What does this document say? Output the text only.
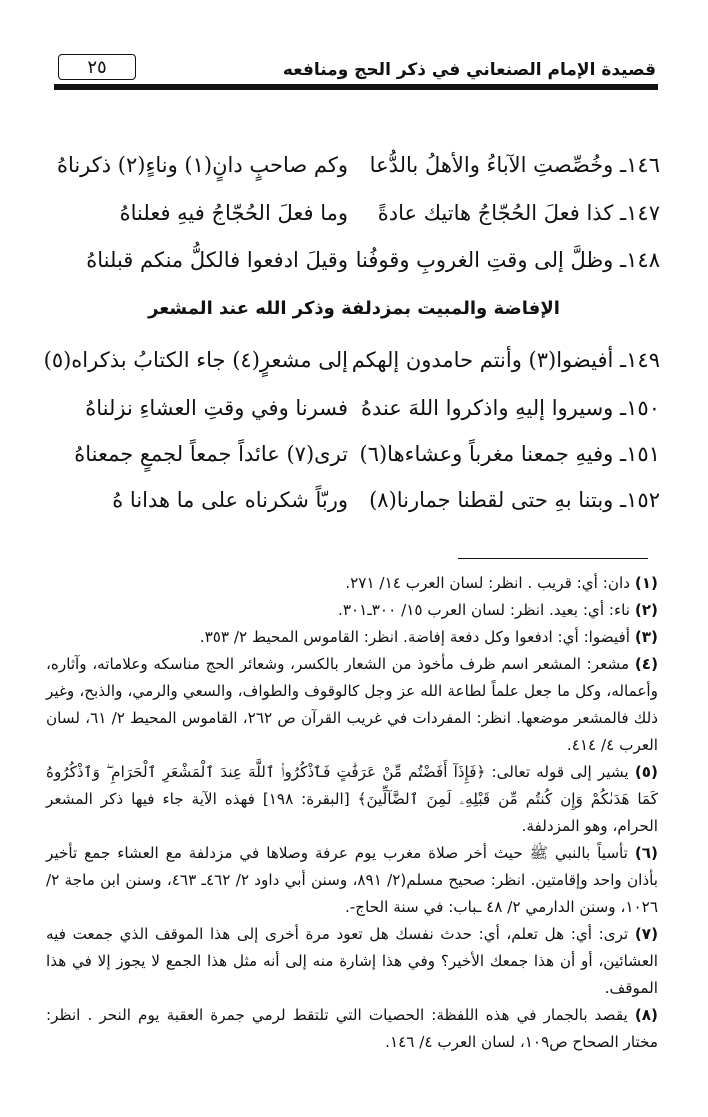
٢٥	قصيدة الإمام الصنعاني في ذكر الحج ومنافعه
١٤٦ـ وخُصِّصتِ الآباءُ والأهلُ بالدُّعا
وكم صاحبٍ دانٍ(١) وناءٍ(٢) ذكرناهُ
١٤٧ـ كذا فعلَ الحُجّاجُ هاتيك عادةً
وما فعلَ الحُجّاجُ فيهِ فعلناهُ
١٤٨ـ وظلَّ إلى وقتِ الغروبِ وقوفُنا
وقيلَ ادفعوا فالكلُّ منكم قبلناهُ
الإفاضة والمبيت بمزدلفة وذكر الله عند المشعر
١٤٩ـ أفيضوا(٣) وأنتم حامدون إلهكم
إلى مشعرٍ(٤) جاء الكتابُ بذكراه(٥)
١٥٠ـ وسيروا إليهِ واذكروا اللهَ عندهُ
فسرنا وفي وقتِ العشاءِ نزلناهُ
١٥١ـ وفيهِ جمعنا مغرباً وعشاءها(٦)
ترى(٧) عائداً جمعاً لجمعٍ جمعناهُ
١٥٢ـ وبتنا بهِ حتى لقطنا جمارنا(٨)
وربّاً شكرناه على ما هدانا هُ

(١) دان: أي: قريب . انظر: لسان العرب ١٤/ ٢٧١.

(٢) ناء: أي: بعيد. انظر: لسان العرب ١٥/ ٣٠٠ـ٣٠١.

(٣) أفيضوا: أي: ادفعوا وكل دفعة إفاضة. انظر: القاموس المحيط ٢/ ٣٥٣.

(٤) مشعر: المشعر اسم ظرف مأخوذ من الشعار بالكسر، وشعائر الحج مناسكه وعلاماته، وآثاره، وأعماله، وكل ما جعل علماً لطاعة الله عز وجل كالوقوف والطواف، والسعي والرمي، والذبح، وغير ذلك فالمشعر موضعها. انظر: المفردات في غريب القرآن ص ٢٦٢، القاموس المحيط ٢/ ٦١، لسان العرب ٤/ ٤١٤.

(٥) يشير إلى قوله تعالى: ﴿فَإِذَآ أَفَضْتُم مِّنْ عَرَفَٰتٍ فَٱذْكُرُوا۟ ٱللَّهَ عِندَ ٱلْمَشْعَرِ ٱلْحَرَامِ ۖ وَٱذْكُرُوهُ كَمَا هَدَىٰكُمْ وَإِن كُنتُم مِّن قَبْلِهِۦ لَمِنَ ٱلضَّآلِّينَ﴾ [البقرة: ١٩٨] فهذه الآية جاء فيها ذكر المشعر الحرام، وهو المزدلفة.

(٦) تأسياً بالنبي ﷺ حيث أخر صلاة مغرب يوم عرفة وصلاها في مزدلفة مع العشاء جمع تأخير بأذان واحد وإقامتين. انظر: صحيح مسلم(٢/ ٨٩١، وسنن أبي داود ٢/ ٤٦٢ـ ٤٦٣، وسنن ابن ماجة ٢/ ١٠٢٦، وسنن الدارمي ٢/ ٤٨ ـباب: في سنة الحاج-.

(٧) ترى: أي: هل تعلم، أي: حدث نفسك هل تعود مرة أخرى إلى هذا الموقف الذي جمعت فيه العشائين، أو أن هذا جمعك الأخير؟ وفي هذا إشارة منه إلى أنه مثل هذا الجمع لا يجوز إلا في هذا الموقف.

(٨) يقصد بالجمار في هذه اللفظة: الحصيات التي تلتقط لرمي جمرة العقبة يوم النحر . انظر: مختار الصحاح ص١٠٩، لسان العرب ٤/ ١٤٦.
